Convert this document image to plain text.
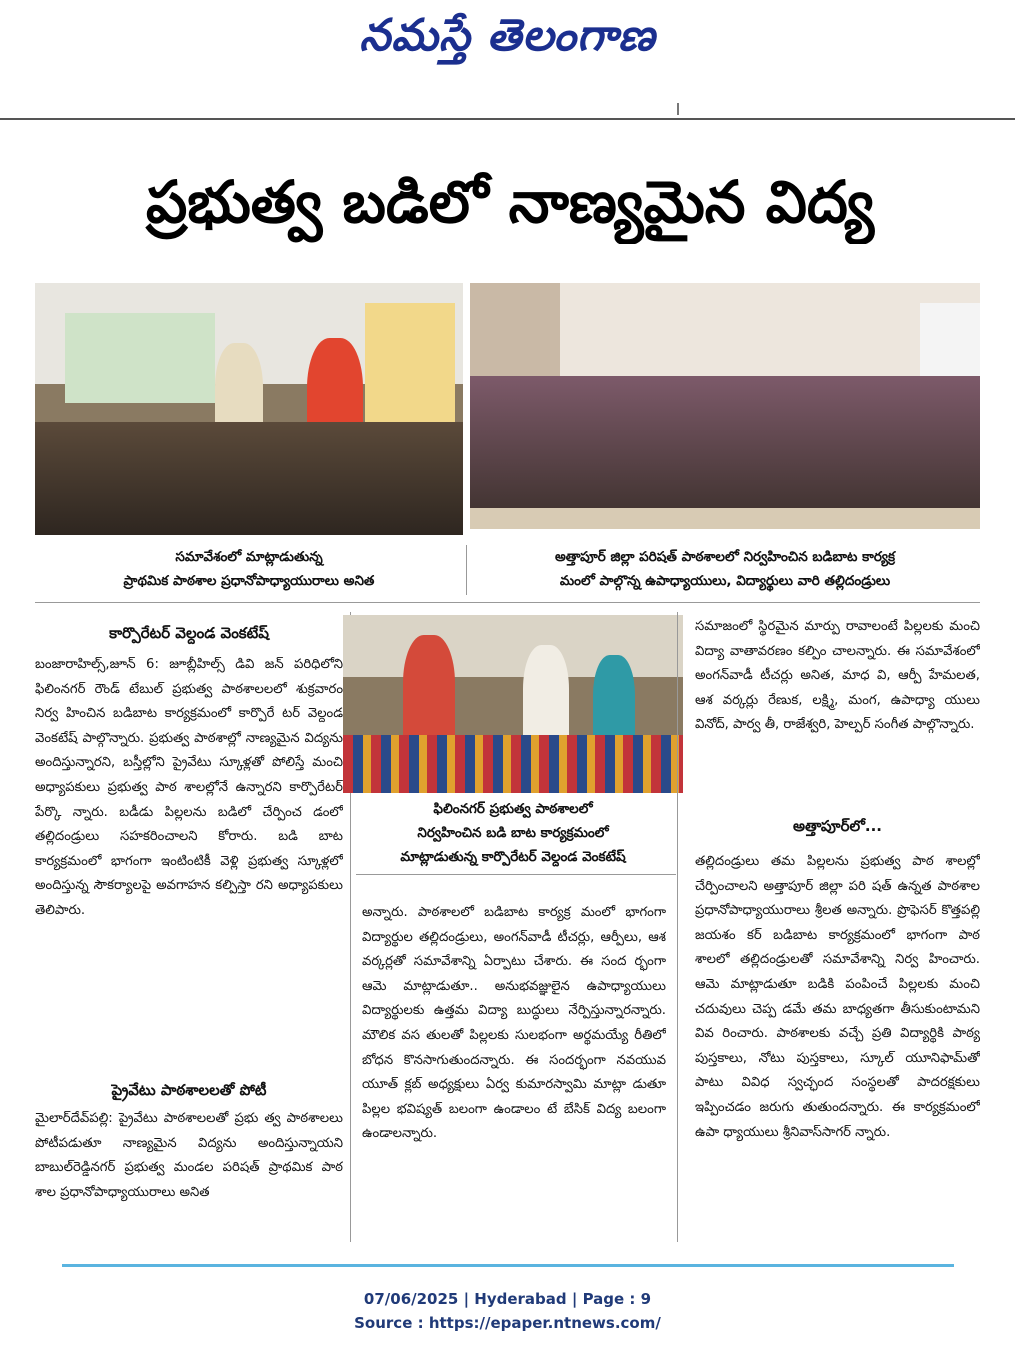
నమస్తే తెలంగాణ
ప్రభుత్వ బడిలో నాణ్యమైన విద్య
సమావేశంలో మాట్లాడుతున్న
ప్రాథమిక పాఠశాల ప్రధానోపాధ్యాయురాలు అనిత
అత్తాపూర్ జిల్లా పరిషత్ పాఠశాలలో నిర్వహించిన బడిబాట కార్యక్ర
మంలో పాల్గొన్న ఉపాధ్యాయులు, విద్యార్థులు వారి తల్లిదండ్రులు
కార్పొరేటర్ వెల్దండ వెంకటేష్
బంజారాహిల్స్,జూన్ 6: జూబ్లీహిల్స్ డివి జన్ పరిధిలోని ఫిలింనగర్ రౌండ్ టేబుల్ ప్రభుత్వ పాఠశాలలలో శుక్రవారం నిర్వ హించిన బడిబాట కార్యక్రమంలో కార్పొరే టర్ వెల్దండ వెంకటేష్ పాల్గొన్నారు. ప్రభుత్వ పాఠశాల్లో నాణ్యమైన విద్యను అందిస్తున్నారని, బస్తీల్లోని ప్రైవేటు స్కూళ్లతో పోలిస్తే మంచి అధ్యాపకులు ప్రభుత్వ పాఠ శాలల్లోనే ఉన్నారని కార్పొరేటర్ పేర్కొ న్నారు. బడీడు పిల్లలను బడిలో చేర్పించ డంలో తల్లిదండ్రులు సహకరించాలని కోరారు. బడి బాట కార్యక్రమంలో భాగంగా ఇంటింటికీ వెళ్లి ప్రభుత్వ స్కూళ్లలో అందిస్తున్న సౌకర్యాలపై అవగాహన కల్పిస్తా రని అధ్యాపకులు తెలిపారు.
ప్రైవేటు పాఠశాలలతో పోటీ
మైలార్‌దేవ్‌పల్లి: ప్రైవేటు పాఠశాలలతో ప్రభు త్వ పాఠశాలలు పోటీపడుతూ నాణ్యమైన విద్యను అందిస్తున్నాయని బాబుల్‌రెడ్డినగర్ ప్రభుత్వ మండల పరిషత్ ప్రాథమిక పాఠ శాల ప్రధానోపాధ్యాయురాలు అనిత
ఫిలింనగర్ ప్రభుత్వ పాఠశాలలో
నిర్వహించిన బడి బాట కార్యక్రమంలో
మాట్లాడుతున్న కార్పొరేటర్ వెల్దండ వెంకటేష్
అన్నారు. పాఠశాలలో బడిబాట కార్యక్ర మంలో భాగంగా విద్యార్థుల తల్లిదండ్రులు, అంగన్‌వాడీ టీచర్లు, ఆర్పీలు, ఆశ వర్కర్లతో సమావేశాన్ని ఏర్పాటు చేశారు. ఈ సంద ర్భంగా ఆమె మాట్లాడుతూ.. అనుభవజ్ఞులైన ఉపాధ్యాయులు విద్యార్థులకు ఉత్తమ విద్యా బుద్ధులు నేర్పిస్తున్నారన్నారు. మౌలిక వస తులతో పిల్లలకు సులభంగా అర్థమయ్యే రీతిలో బోధన కొనసాగుతుందన్నారు. ఈ సందర్భంగా నవయువ యూత్ క్లబ్ అధ్యక్షులు ఏర్వ కుమారస్వామి మాట్లా డుతూ పిల్లల భవిష్యత్ బలంగా ఉండాలం టే బేసిక్ విద్య బలంగా ఉండాలన్నారు.
సమాజంలో స్థిరమైన మార్పు రావాలంటే పిల్లలకు మంచి విద్యా వాతావరణం కల్పిం చాలన్నారు. ఈ సమావేశంలో అంగన్‌వాడీ టీచర్లు అనిత, మాధ వి, ఆర్పీ హేమలత, ఆశ వర్కర్లు రేణుక, లక్ష్మి, మంగ, ఉపాధ్యా యులు వినోద్, పార్వ తీ, రాజేశ్వరి, హెల్పర్ సంగీత పాల్గొన్నారు.
అత్తాపూర్‌లో...
తల్లిదండ్రులు తమ పిల్లలను ప్రభుత్వ పాఠ శాలల్లో చేర్పించాలని అత్తాపూర్ జిల్లా పరి షత్ ఉన్నత పాఠశాల ప్రధానోపాధ్యాయురాలు శ్రీలత అన్నారు. ప్రొఫెసర్ కొత్తపల్లి జయశం కర్ బడిబాట కార్యక్రమంలో భాగంగా పాఠ శాలలో తల్లిదండ్రులతో సమావేశాన్ని నిర్వ హించారు. ఆమె మాట్లాడుతూ బడికి పంపించే పిల్లలకు మంచి చదువులు చెప్ప డమే తమ బాధ్యతగా తీసుకుంటామని వివ రించారు. పాఠశాలకు వచ్చే ప్రతి విద్యార్థికి పాఠ్య పుస్తకాలు, నోటు పుస్తకాలు, స్కూల్ యూనిఫామ్‌తో పాటు వివిధ స్వచ్ఛంద సంస్థలతో పాదరక్షకులు ఇప్పించడం జరుగు తుతుందన్నారు. ఈ కార్యక్రమంలో ఉపా ధ్యాయులు శ్రీనివాస్‌సాగర్ న్నారు.
07/06/2025 | Hyderabad | Page : 9
Source : https://epaper.ntnews.com/
